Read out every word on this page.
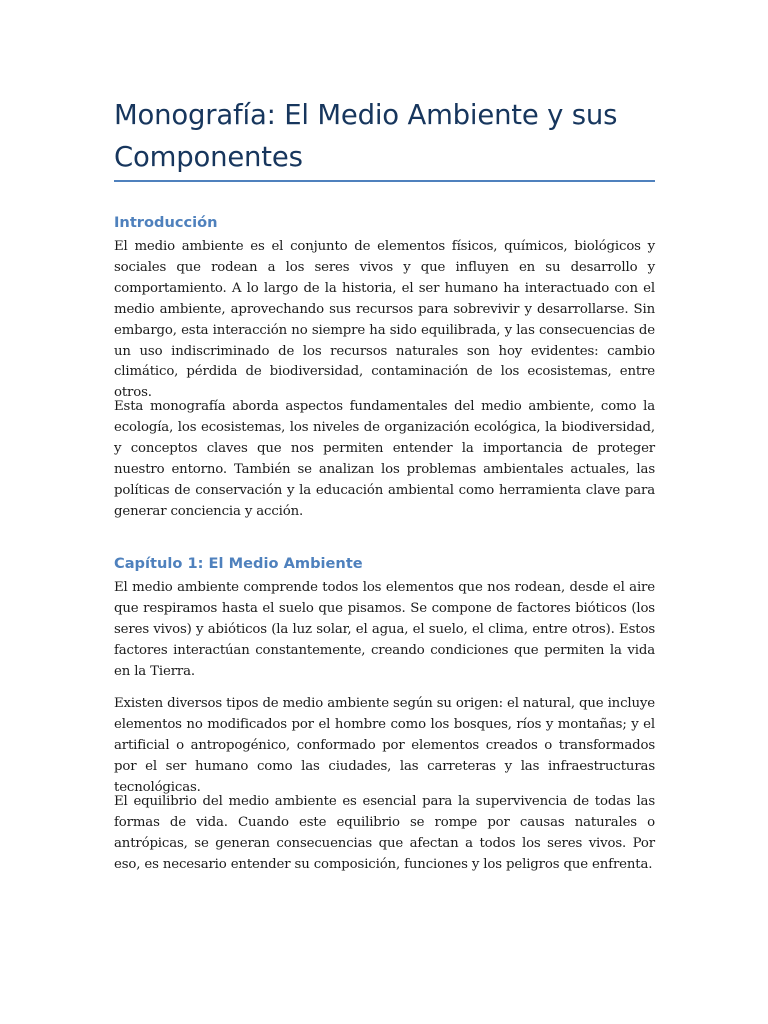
Monografía: El Medio Ambiente y sus Componentes
Introducción

El medio ambiente es el conjunto de elementos físicos, químicos, biológicos y sociales que rodean a los seres vivos y que influyen en su desarrollo y comportamiento. A lo largo de la historia, el ser humano ha interactuado con el medio ambiente, aprovechando sus recursos para sobrevivir y desarrollarse. Sin embargo, esta interacción no siempre ha sido equilibrada, y las consecuencias de un uso indiscriminado de los recursos naturales son hoy evidentes: cambio climático, pérdida de biodiversidad, contaminación de los ecosistemas, entre otros.

Esta monografía aborda aspectos fundamentales del medio ambiente, como la ecología, los ecosistemas, los niveles de organización ecológica, la biodiversidad, y conceptos claves que nos permiten entender la importancia de proteger nuestro entorno. También se analizan los problemas ambientales actuales, las políticas de conservación y la educación ambiental como herramienta clave para generar conciencia y acción.

Capítulo 1: El Medio Ambiente

El medio ambiente comprende todos los elementos que nos rodean, desde el aire que respiramos hasta el suelo que pisamos. Se compone de factores bióticos (los seres vivos) y abióticos (la luz solar, el agua, el suelo, el clima, entre otros). Estos factores interactúan constantemente, creando condiciones que permiten la vida en la Tierra.

Existen diversos tipos de medio ambiente según su origen: el natural, que incluye elementos no modificados por el hombre como los bosques, ríos y montañas; y el artificial o antropogénico, conformado por elementos creados o transformados por el ser humano como las ciudades, las carreteras y las infraestructuras tecnológicas.

El equilibrio del medio ambiente es esencial para la supervivencia de todas las formas de vida. Cuando este equilibrio se rompe por causas naturales o antrópicas, se generan consecuencias que afectan a todos los seres vivos. Por eso, es necesario entender su composición, funciones y los peligros que enfrenta.
